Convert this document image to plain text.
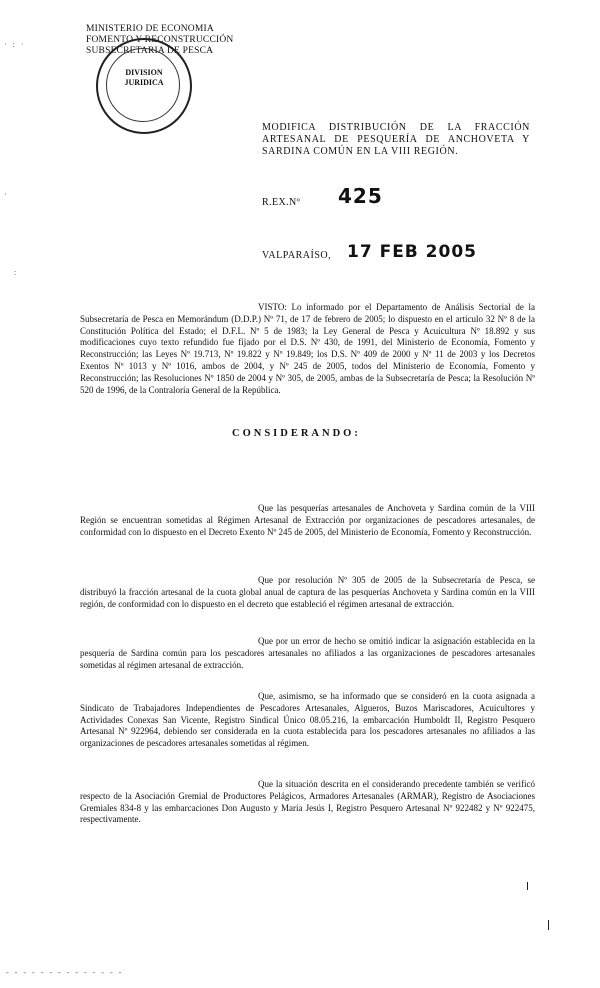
MINISTERIO DE ECONOMIA
FOMENTO Y RECONSTRUCCIÓN
SUBSECRETARIA DE PESCA
DIVISION
JURIDICA
· : ·
·
:
MODIFICA DISTRIBUCIÓN DE LA FRACCIÓN ARTESANAL DE PESQUERÍA DE ANCHOVETA Y SARDINA COMÚN EN LA VIII REGIÓN.
R.EX.Nº 425
VALPARAÍSO, 17 FEB 2005
VISTO: Lo informado por el Departamento de Análisis Sectorial de la Subsecretaría de Pesca en Memorándum (D.D.P.) Nº 71, de 17 de febrero de 2005; lo dispuesto en el artículo 32 Nº 8 de la Constitución Política del Estado; el D.F.L. Nº 5 de 1983; la Ley General de Pesca y Acuicultura Nº 18.892 y sus modificaciones cuyo texto refundido fue fijado por el D.S. Nº 430, de 1991, del Ministerio de Economía, Fomento y Reconstrucción; las Leyes Nº 19.713, Nº 19.822 y Nº 19.849; los D.S. Nº 409 de 2000 y Nº 11 de 2003 y los Decretos Exentos Nº 1013 y Nº 1016, ambos de 2004, y Nº 245 de 2005, todos del Ministerio de Economía, Fomento y Reconstrucción; las Resoluciones Nº 1850 de 2004 y Nº 305, de 2005, ambas de la Subsecretaría de Pesca; la Resolución Nº 520 de 1996, de la Contraloría General de la República.
CONSIDERANDO:
Que las pesquerías artesanales de Anchoveta y Sardina común de la VIII Región se encuentran sometidas al Régimen Artesanal de Extracción por organizaciones de pescadores artesanales, de conformidad con lo dispuesto en el Decreto Exento Nº 245 de 2005, del Ministerio de Economía, Fomento y Reconstrucción.
Que por resolución Nº 305 de 2005 de la Subsecretaría de Pesca, se distribuyó la fracción artesanal de la cuota global anual de captura de las pesquerías Anchoveta y Sardina común en la VIII región, de conformidad con lo dispuesto en el decreto que estableció el régimen artesanal de extracción.
Que por un error de hecho se omitió indicar la asignación establecida en la pesquería de Sardina común para los pescadores artesanales no afiliados a las organizaciones de pescadores artesanales sometidas al régimen artesanal de extracción.
Que, asimismo, se ha informado que se consideró en la cuota asignada a Sindicato de Trabajadores Independientes de Pescadores Artesanales, Algueros, Buzos Mariscadores, Acuicultores y Actividades Conexas San Vicente, Registro Sindical Único 08.05.216, la embarcación Humboldt II, Registro Pesquero Artesanal Nº 922964, debiendo ser considerada en la cuota establecida para los pescadores artesanales no afiliados a las organizaciones de pescadores artesanales sometidas al régimen.
Que la situación descrita en el considerando precedente también se verificó respecto de la Asociación Gremial de Productores Pelágicos, Armadores Artesanales (ARMAR), Registro de Asociaciones Gremiales 834-8 y las embarcaciones Don Augusto y María Jesús I, Registro Pesquero Artesanal Nº 922482 y Nº 922475, respectivamente.
- - - - - - - - - - - - - -
